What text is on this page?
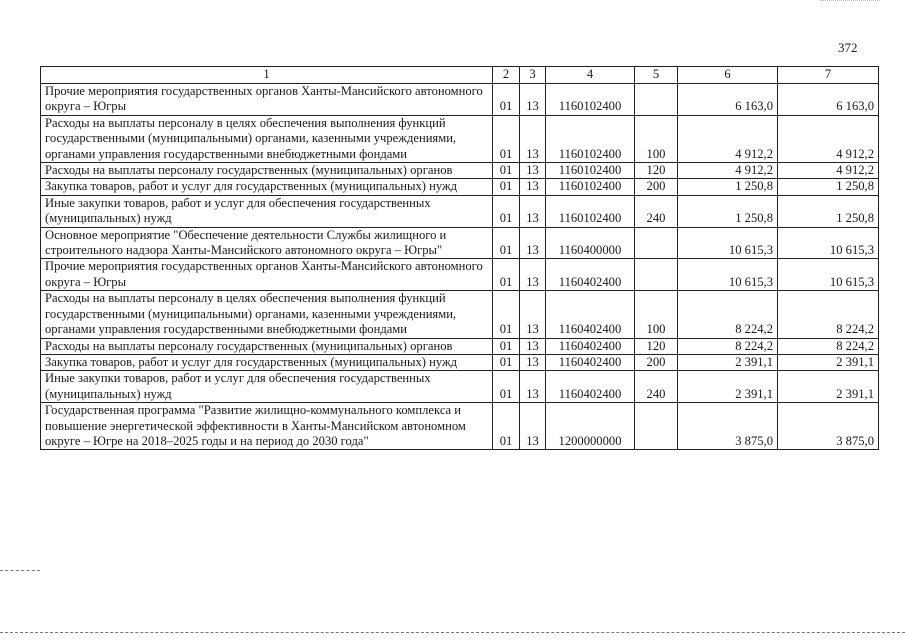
372
1	2	3	4	5	6	7
Прочие мероприятия государственных органов Ханты-Мансийского автономного округа – Югры	01	13	1160102400		6 163,0	6 163,0
Расходы на выплаты персоналу в целях обеспечения выполнения функций государственными (муниципальными) органами, казенными учреждениями, органами управления государственными внебюджетными фондами	01	13	1160102400	100	4 912,2	4 912,2
Расходы на выплаты персоналу государственных (муниципальных) органов	01	13	1160102400	120	4 912,2	4 912,2
Закупка товаров, работ и услуг для государственных (муниципальных) нужд	01	13	1160102400	200	1 250,8	1 250,8
Иные закупки товаров, работ и услуг для обеспечения государственных (муниципальных) нужд	01	13	1160102400	240	1 250,8	1 250,8
Основное мероприятие "Обеспечение деятельности Службы жилищного и строительного надзора Ханты-Мансийского автономного округа – Югры"	01	13	1160400000		10 615,3	10 615,3
Прочие мероприятия государственных органов Ханты-Мансийского автономного округа – Югры	01	13	1160402400		10 615,3	10 615,3
Расходы на выплаты персоналу в целях обеспечения выполнения функций государственными (муниципальными) органами, казенными учреждениями, органами управления государственными внебюджетными фондами	01	13	1160402400	100	8 224,2	8 224,2
Расходы на выплаты персоналу государственных (муниципальных) органов	01	13	1160402400	120	8 224,2	8 224,2
Закупка товаров, работ и услуг для государственных (муниципальных) нужд	01	13	1160402400	200	2 391,1	2 391,1
Иные закупки товаров, работ и услуг для обеспечения государственных (муниципальных) нужд	01	13	1160402400	240	2 391,1	2 391,1
Государственная программа "Развитие жилищно-коммунального комплекса и повышение энергетической эффективности в Ханты-Мансийском автономном округе – Югре на 2018–2025 годы и на период до 2030 года"	01	13	1200000000		3 875,0	3 875,0
